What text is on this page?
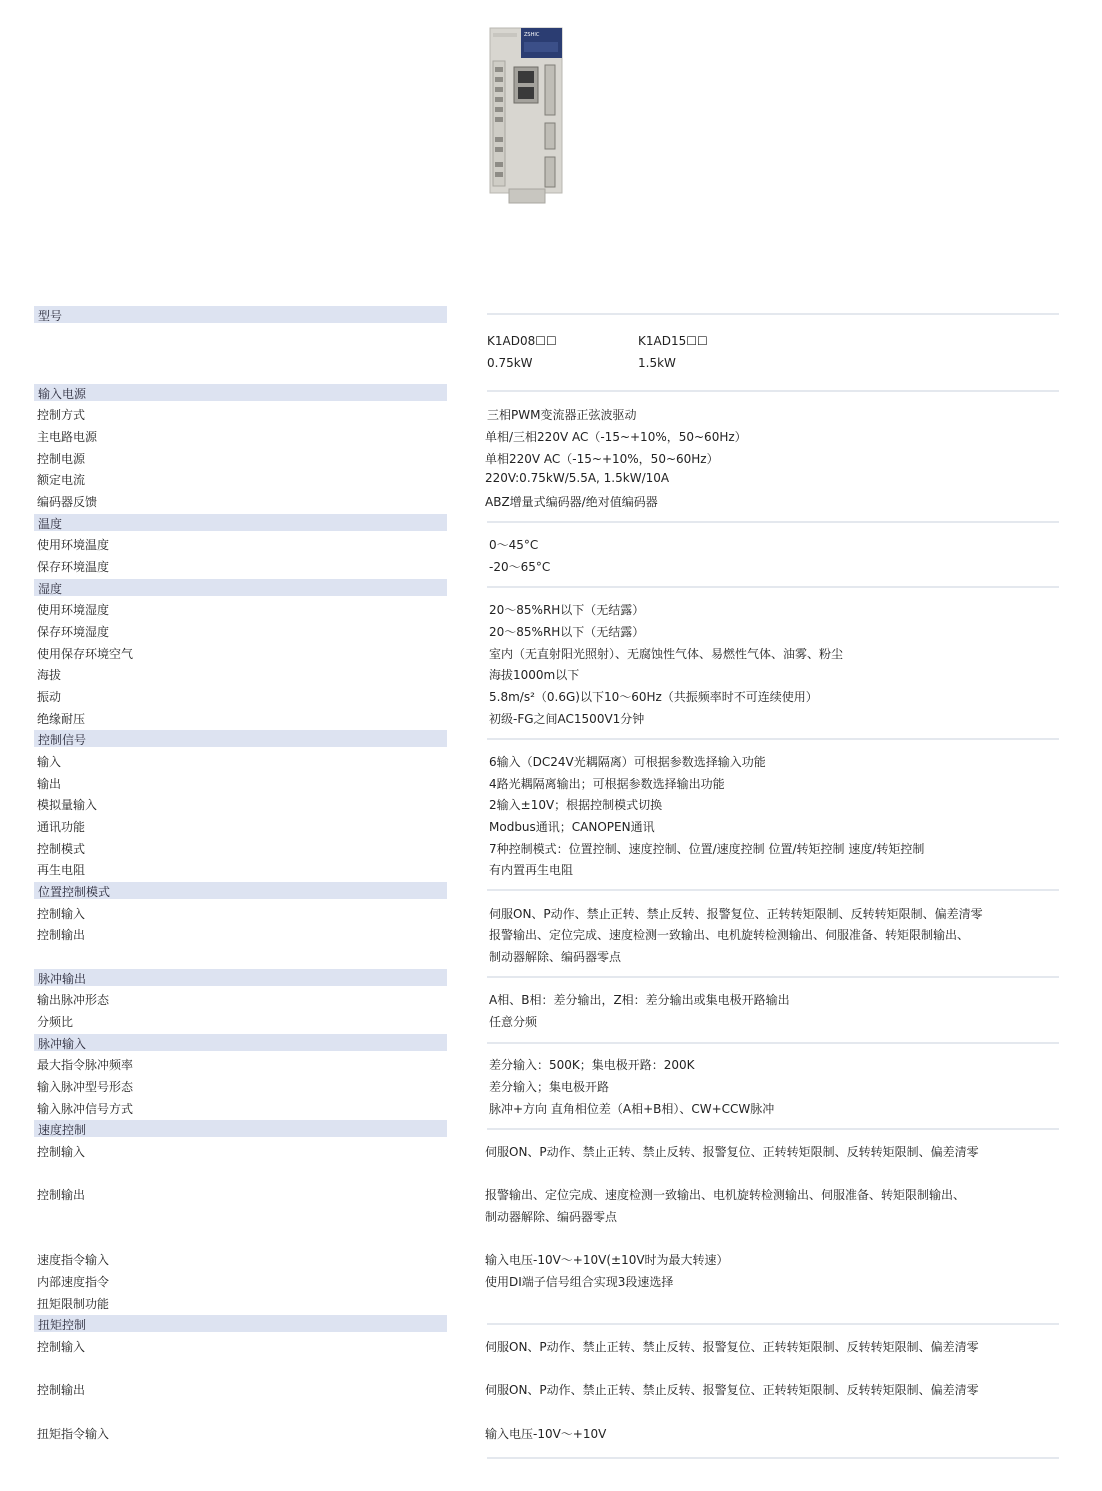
ZSHIC
型号
K1AD08☐☐	K1AD15☐☐
0.75kW	1.5kW
输入电源
控制方式	三相PWM变流器正弦波驱动
主电路电源	单相/三相220V AC（-15~+10%，50~60Hz）
控制电源	单相220V AC（-15~+10%，50~60Hz）
额定电流	220V:0.75kW/5.5A, 1.5kW/10A
编码器反馈	ABZ增量式编码器/绝对值编码器
温度
使用环境温度	0～45°C
保存环境温度	-20～65°C
湿度
使用环境湿度	20～85%RH以下（无结露）
保存环境湿度	20～85%RH以下（无结露）
使用保存环境空气	室内（无直射阳光照射）、无腐蚀性气体、易燃性气体、油雾、粉尘
海拔	海拔1000m以下
振动	5.8m/s²（0.6G)以下10～60Hz（共振频率时不可连续使用）
绝缘耐压	初级-FG之间AC1500V1分钟
控制信号
输入	6输入（DC24V光耦隔离）可根据参数选择输入功能
输出	4路光耦隔离输出；可根据参数选择输出功能
模拟量输入	2输入±10V；根据控制模式切换
通讯功能	Modbus通讯；CANOPEN通讯
控制模式	7种控制模式：位置控制、速度控制、位置/速度控制 位置/转矩控制 速度/转矩控制
再生电阻	有内置再生电阻
位置控制模式
控制输入	伺服ON、P动作、禁止正转、禁止反转、报警复位、正转转矩限制、反转转矩限制、偏差清零
控制输出	报警输出、定位完成、速度检测一致输出、电机旋转检测输出、伺服准备、转矩限制输出、
制动器解除、编码器零点
脉冲输出
输出脉冲形态	A相、B相：差分输出，Z相：差分输出或集电极开路输出
分频比	任意分频
脉冲输入
最大指令脉冲频率	差分输入：500K；集电极开路：200K
输入脉冲型号形态	差分输入；集电极开路
输入脉冲信号方式	脉冲+方向 直角相位差（A相+B相）、CW+CCW脉冲
速度控制
控制输入	伺服ON、P动作、禁止正转、禁止反转、报警复位、正转转矩限制、反转转矩限制、偏差清零
控制输出	报警输出、定位完成、速度检测一致输出、电机旋转检测输出、伺服准备、转矩限制输出、
制动器解除、编码器零点
速度指令输入	输入电压-10V～+10V(±10V时为最大转速）
内部速度指令	使用DI端子信号组合实现3段速选择
扭矩限制功能
扭矩控制
控制输入	伺服ON、P动作、禁止正转、禁止反转、报警复位、正转转矩限制、反转转矩限制、偏差清零
控制输出	伺服ON、P动作、禁止正转、禁止反转、报警复位、正转转矩限制、反转转矩限制、偏差清零
扭矩指令输入	输入电压-10V～+10V
